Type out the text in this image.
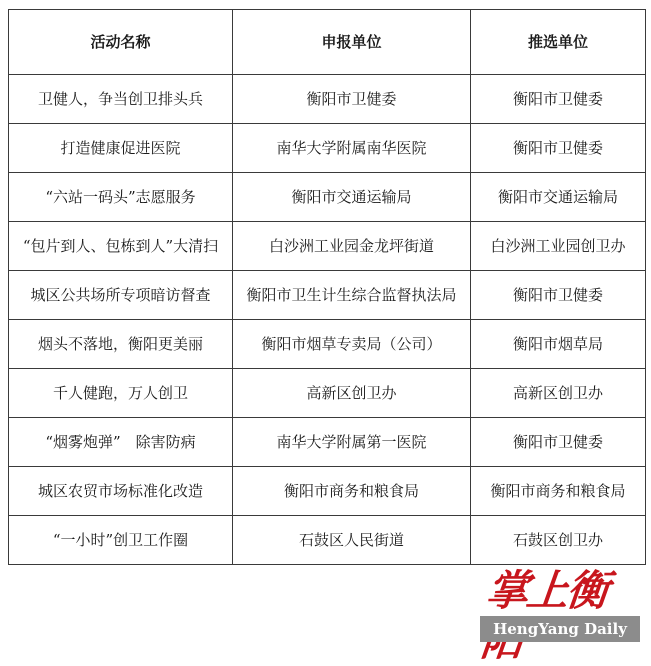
活动名称	申报单位	推选单位
卫健人，争当创卫排头兵	衡阳市卫健委	衡阳市卫健委
打造健康促进医院	南华大学附属南华医院	衡阳市卫健委
“六站一码头”志愿服务	衡阳市交通运输局	衡阳市交通运输局
“包片到人、包栋到人”大清扫	白沙洲工业园金龙坪街道	白沙洲工业园创卫办
城区公共场所专项暗访督查	衡阳市卫生计生综合监督执法局	衡阳市卫健委
烟头不落地，衡阳更美丽	衡阳市烟草专卖局（公司）	衡阳市烟草局
千人健跑，万人创卫	高新区创卫办	高新区创卫办
“烟雾炮弹”　除害防病	南华大学附属第一医院	衡阳市卫健委
城区农贸市场标准化改造	衡阳市商务和粮食局	衡阳市商务和粮食局
“一小时”创卫工作圈	石鼓区人民街道	石鼓区创卫办
掌上衡阳
HengYang Daily
